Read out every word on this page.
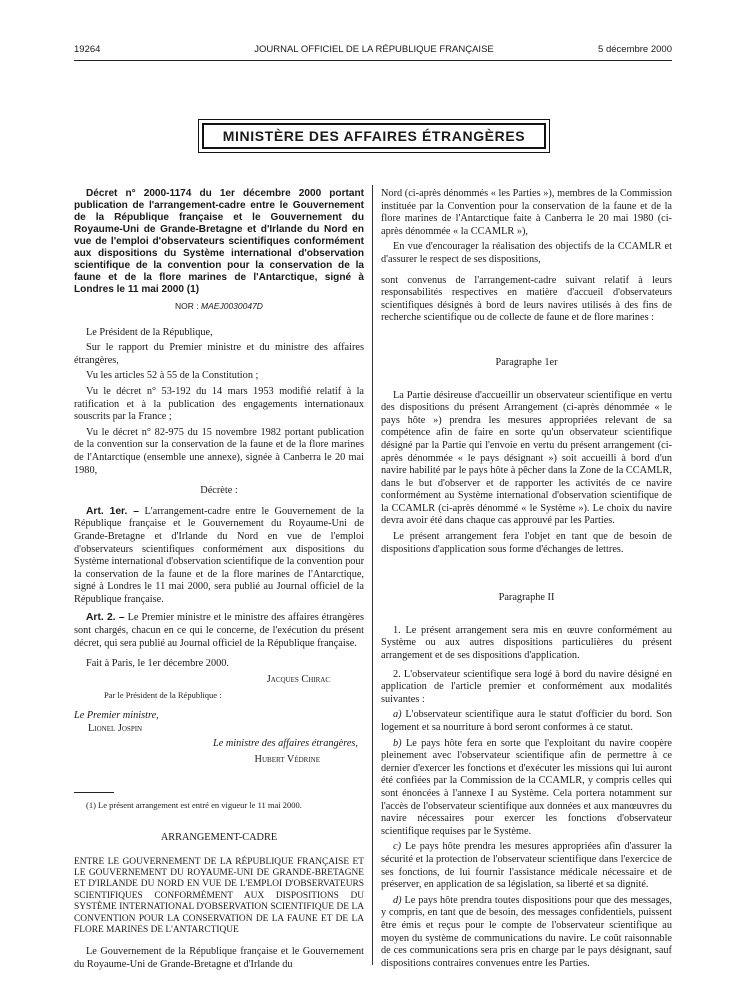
19264	JOURNAL OFFICIEL DE LA RÉPUBLIQUE FRANÇAISE	5 décembre 2000
MINISTÈRE DES AFFAIRES ÉTRANGÈRES
Décret n° 2000-1174 du 1er décembre 2000 portant publication de l'arrangement-cadre entre le Gouvernement de la République française et le Gouvernement du Royaume-Uni de Grande-Bretagne et d'Irlande du Nord en vue de l'emploi d'observateurs scientifiques conformément aux dispositions du Système international d'observation scientifique de la convention pour la conservation de la faune et de la flore marines de l'Antarctique, signé à Londres le 11 mai 2000 (1)
NOR : MAEJ0030047D

Le Président de la République,

Sur le rapport du Premier ministre et du ministre des affaires étrangères,

Vu les articles 52 à 55 de la Constitution ;

Vu le décret n° 53-192 du 14 mars 1953 modifié relatif à la ratification et à la publication des engagements internationaux souscrits par la France ;

Vu le décret n° 82-975 du 15 novembre 1982 portant publication de la convention sur la conservation de la faune et de la flore marines de l'Antarctique (ensemble une annexe), signée à Canberra le 20 mai 1980,

Décrète :

Art. 1er. – L'arrangement-cadre entre le Gouvernement de la République française et le Gouvernement du Royaume-Uni de Grande-Bretagne et d'Irlande du Nord en vue de l'emploi d'observateurs scientifiques conformément aux dispositions du Système international d'observation scientifique de la convention pour la conservation de la faune et de la flore marines de l'Antarctique, signé à Londres le 11 mai 2000, sera publié au Journal officiel de la République française.

Art. 2. – Le Premier ministre et le ministre des affaires étrangères sont chargés, chacun en ce qui le concerne, de l'exécution du présent décret, qui sera publié au Journal officiel de la République française.

Fait à Paris, le 1er décembre 2000.

Jacques Chirac

Par le Président de la République :

Le Premier ministre,

Lionel Jospin

Le ministre des affaires étrangères,

Hubert Védrine

(1) Le présent arrangement est entré en vigueur le 11 mai 2000.

ARRANGEMENT-CADRE

ENTRE LE GOUVERNEMENT DE LA RÉPUBLIQUE FRANÇAISE ET LE GOUVERNEMENT DU ROYAUME-UNI DE GRANDE-BRETAGNE ET D'IRLANDE DU NORD EN VUE DE L'EMPLOI D'OBSERVATEURS SCIENTIFIQUES CONFORMÉMENT AUX DISPOSITIONS DU SYSTÈME INTERNATIONAL D'OBSERVATION SCIENTIFIQUE DE LA CONVENTION POUR LA CONSERVATION DE LA FAUNE ET DE LA FLORE MARINES DE L'ANTARCTIQUE

Le Gouvernement de la République française et le Gouvernement du Royaume-Uni de Grande-Bretagne et d'Irlande du

Nord (ci-après dénommés « les Parties »), membres de la Commission instituée par la Convention pour la conservation de la faune et de la flore marines de l'Antarctique faite à Canberra le 20 mai 1980 (ci-après dénommée « la CCAMLR »),

En vue d'encourager la réalisation des objectifs de la CCAMLR et d'assurer le respect de ses dispositions,

sont convenus de l'arrangement-cadre suivant relatif à leurs responsabilités respectives en matière d'accueil d'observateurs scientifiques désignés à bord de leurs navires utilisés à des fins de recherche scientifique ou de collecte de faune et de flore marines :

Paragraphe 1er

La Partie désireuse d'accueillir un observateur scientifique en vertu des dispositions du présent Arrangement (ci-après dénommée « le pays hôte ») prendra les mesures appropriées relevant de sa compétence afin de faire en sorte qu'un observateur scientifique désigné par la Partie qui l'envoie en vertu du présent arrangement (ci-après dénommée « le pays désignant ») soit accueilli à bord d'un navire habilité par le pays hôte à pêcher dans la Zone de la CCAMLR, dans le but d'observer et de rapporter les activités de ce navire conformément au Système international d'observation scientifique de la CCAMLR (ci-après dénommé « le Système »). Le choix du navire devra avoir été dans chaque cas approuvé par les Parties.

Le présent arrangement fera l'objet en tant que de besoin de dispositions d'application sous forme d'échanges de lettres.

Paragraphe II

1. Le présent arrangement sera mis en œuvre conformément au Système ou aux autres dispositions particulières du présent arrangement et de ses dispositions d'application.

2. L'observateur scientifique sera logé à bord du navire désigné en application de l'article premier et conformément aux modalités suivantes :

a) L'observateur scientifique aura le statut d'officier du bord. Son logement et sa nourriture à bord seront conformes à ce statut.

b) Le pays hôte fera en sorte que l'exploitant du navire coopère pleinement avec l'observateur scientifique afin de permettre à ce dernier d'exercer les fonctions et d'exécuter les missions qui lui auront été confiées par la Commission de la CCAMLR, y compris celles qui sont énoncées à l'annexe I au Système. Cela portera notamment sur l'accès de l'observateur scientifique aux données et aux manœuvres du navire nécessaires pour exercer les fonctions d'observateur scientifique requises par le Système.

c) Le pays hôte prendra les mesures appropriées afin d'assurer la sécurité et la protection de l'observateur scientifique dans l'exercice de ses fonctions, de lui fournir l'assistance médicale nécessaire et de préserver, en application de sa législation, sa liberté et sa dignité.

d) Le pays hôte prendra toutes dispositions pour que des messages, y compris, en tant que de besoin, des messages confidentiels, puissent être émis et reçus pour le compte de l'observateur scientifique au moyen du système de communications du navire. Le coût raisonnable de ces communications sera pris en charge par le pays désignant, sauf dispositions contraires convenues entre les Parties.
